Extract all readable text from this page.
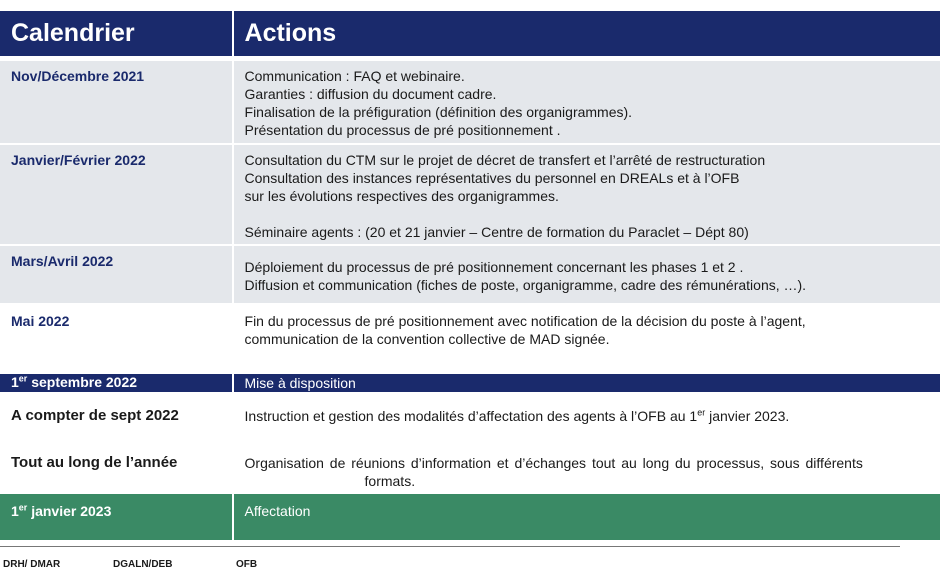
Calendrier	Actions
Nov/Décembre 2021	Communication : FAQ et webinaire.
Garanties : diffusion du document cadre.
Finalisation de la préfiguration (définition des organigrammes).
Présentation du processus de pré positionnement .
Janvier/Février 2022	Consultation du CTM sur le projet de décret de transfert et l’arrêté de restructuration
Consultation des instances représentatives du personnel en DREALs et à l’OFB
sur les évolutions respectives des organigrammes.
Séminaire agents : (20 et 21 janvier – Centre de formation du Paraclet – Dépt 80)
Mars/Avril 2022	Déploiement du processus de pré positionnement concernant les phases 1 et 2 .
Diffusion et communication (fiches de poste, organigramme, cadre des rémunérations, …).
Mai 2022	Fin du processus de pré positionnement avec notification de la décision du poste à l’agent,
communication de la convention collective de MAD signée.
1er septembre 2022	Mise à disposition
A compter de sept 2022	Instruction et gestion des modalités d’affectation des agents à l’OFB au 1er janvier 2023.
Tout au long de l’année	Organisation de réunions d’information et d’échanges tout au long du processus, sous différents
formats.
1er janvier 2023	Affectation
DRH/ DMAR	DGALN/DEB	OFB
